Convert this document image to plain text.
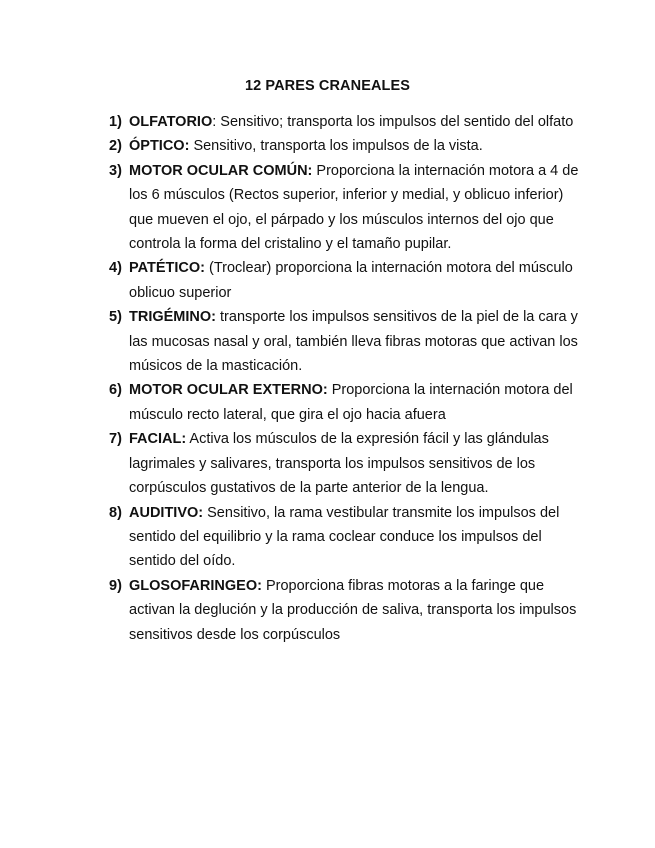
12 PARES CRANEALES
1) OLFATORIO: Sensitivo; transporta los impulsos del sentido del olfato
2) ÓPTICO: Sensitivo, transporta los impulsos de la vista.
3) MOTOR OCULAR COMÚN: Proporciona la internación motora a 4 de los 6 músculos (Rectos superior, inferior y medial, y oblicuo inferior) que mueven el ojo, el párpado y los músculos internos del ojo que controla la forma del cristalino y el tamaño pupilar.
4) PATÉTICO: (Troclear) proporciona la internación motora del músculo oblicuo superior
5) TRIGÉMINO: transporte los impulsos sensitivos de la piel de la cara y las mucosas nasal y oral, también lleva fibras motoras que activan los músicos de la masticación.
6) MOTOR OCULAR EXTERNO: Proporciona la internación motora del músculo recto lateral, que gira el ojo hacia afuera
7) FACIAL: Activa los músculos de la expresión fácil y las glándulas lagrimales y salivares, transporta los impulsos sensitivos de los corpúsculos gustativos de la parte anterior de la lengua.
8) AUDITIVO: Sensitivo, la rama vestibular transmite los impulsos del sentido del equilibrio y la rama coclear conduce los impulsos del sentido del oído.
9) GLOSOFARINGEO: Proporciona fibras motoras a la faringe que activan la deglución y la producción de saliva, transporta los impulsos sensitivos desde los corpúsculos
